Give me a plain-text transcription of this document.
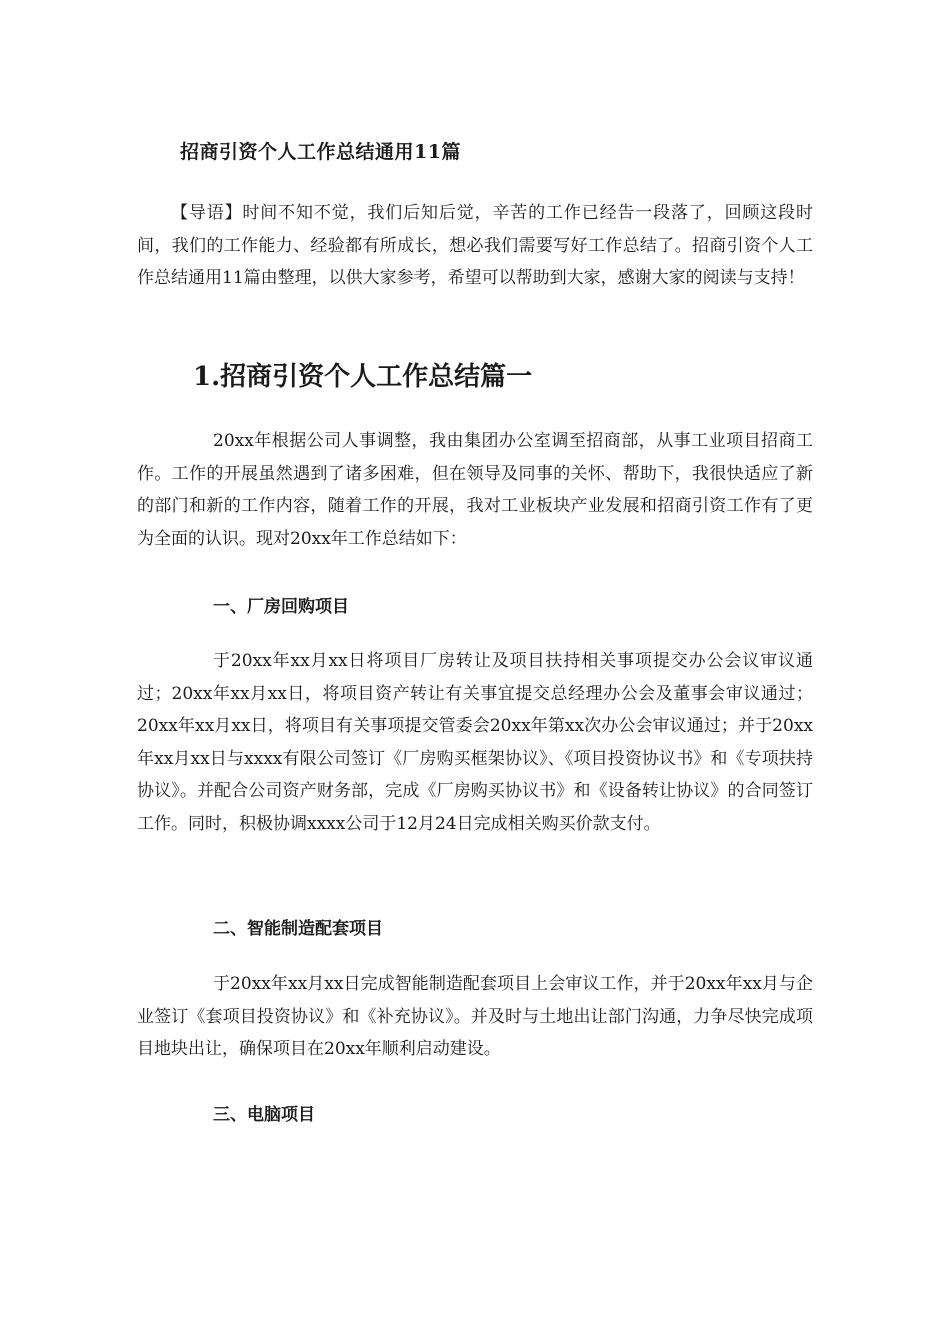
招商引资个人工作总结通用11篇

【导语】时间不知不觉，我们后知后觉，辛苦的工作已经告一段落了，回顾这段时间，我们的工作能力、经验都有所成长，想必我们需要写好工作总结了。招商引资个人工作总结通用11篇由整理，以供大家参考，希望可以帮助到大家，感谢大家的阅读与支持！

1.招商引资个人工作总结篇一

20xx年根据公司人事调整，我由集团办公室调至招商部，从事工业项目招商工作。工作的开展虽然遇到了诸多困难，但在领导及同事的关怀、帮助下，我很快适应了新的部门和新的工作内容，随着工作的开展，我对工业板块产业发展和招商引资工作有了更为全面的认识。现对20xx年工作总结如下：

一、厂房回购项目

于20xx年xx月xx日将项目厂房转让及项目扶持相关事项提交办公会议审议通过；20xx年xx月xx日，将项目资产转让有关事宜提交总经理办公会及董事会审议通过；20xx年xx月xx日，将项目有关事项提交管委会20xx年第xx次办公会审议通过；并于20xx年xx月xx日与xxxx有限公司签订《厂房购买框架协议》、《项目投资协议书》和《专项扶持协议》。并配合公司资产财务部，完成《厂房购买协议书》和《设备转让协议》的合同签订工作。同时，积极协调xxxx公司于12月24日完成相关购买价款支付。

二、智能制造配套项目

于20xx年xx月xx日完成智能制造配套项目上会审议工作，并于20xx年xx月与企业签订《套项目投资协议》和《补充协议》。并及时与土地出让部门沟通，力争尽快完成项目地块出让，确保项目在20xx年顺利启动建设。

三、电脑项目
